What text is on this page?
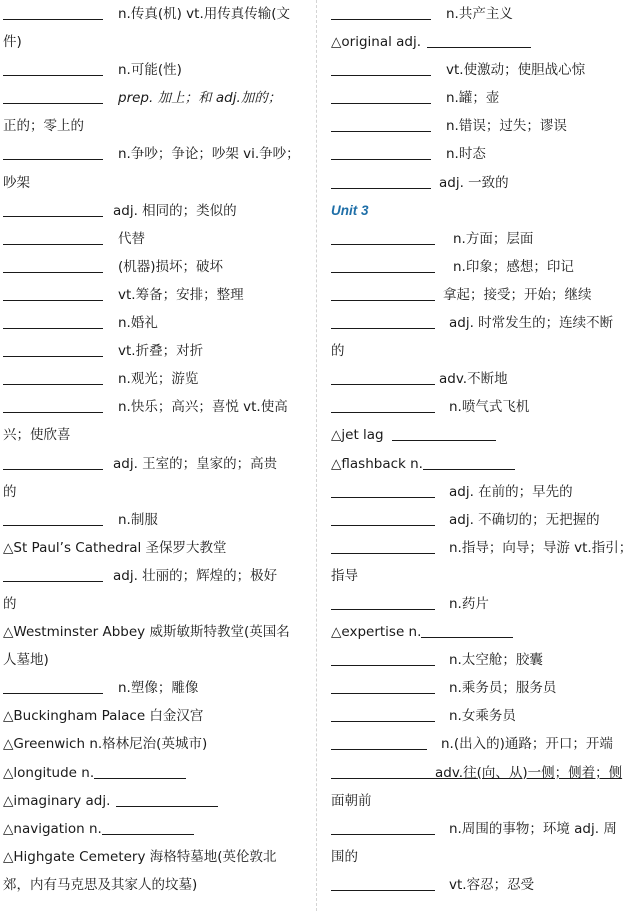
n.传真(机) vt.用传真传输(文
件)
n.可能(性)
prep. 加上；和 adj.加的；
正的；零上的
n.争吵；争论；吵架 vi.争吵；
吵架
adj. 相同的；类似的
代替
(机器)损坏；破坏
vt.筹备；安排；整理
n.婚礼
vt.折叠；对折
n.观光；游览
n.快乐；高兴；喜悦 vt.使高
兴；使欣喜
adj. 王室的；皇家的；高贵
的
n.制服
△St Paul’s Cathedral 圣保罗大教堂
adj. 壮丽的；辉煌的；极好
的
△Westminster Abbey 威斯敏斯特教堂(英国名
人墓地)
n.塑像；雕像
△Buckingham Palace 白金汉宫
△Greenwich n.格林尼治(英城市)
△longitude n.
△imaginary adj.
△navigation n.
△Highgate Cemetery 海格特墓地(英伦敦北
郊，内有马克思及其家人的坟墓)
n.共产主义
△original adj.
vt.使激动；使胆战心惊
n.罐；壶
n.错误；过失；谬误
n.时态
adj. 一致的
Unit 3
n.方面；层面
n.印象；感想；印记
拿起；接受；开始；继续
adj. 时常发生的；连续不断
的
adv.不断地
n.喷气式飞机
△jet lag
△flashback n.
adj. 在前的；早先的
adj. 不确切的；无把握的
n.指导；向导；导游 vt.指引；
指导
n.药片
△expertise n.
n.太空舱；胶囊
n.乘务员；服务员
n.女乘务员
n.(出入的)通路；开口；开端
adv.往(向、从)一侧；侧着；侧
面朝前
n.周围的事物；环境 adj. 周
围的
vt.容忍；忍受
